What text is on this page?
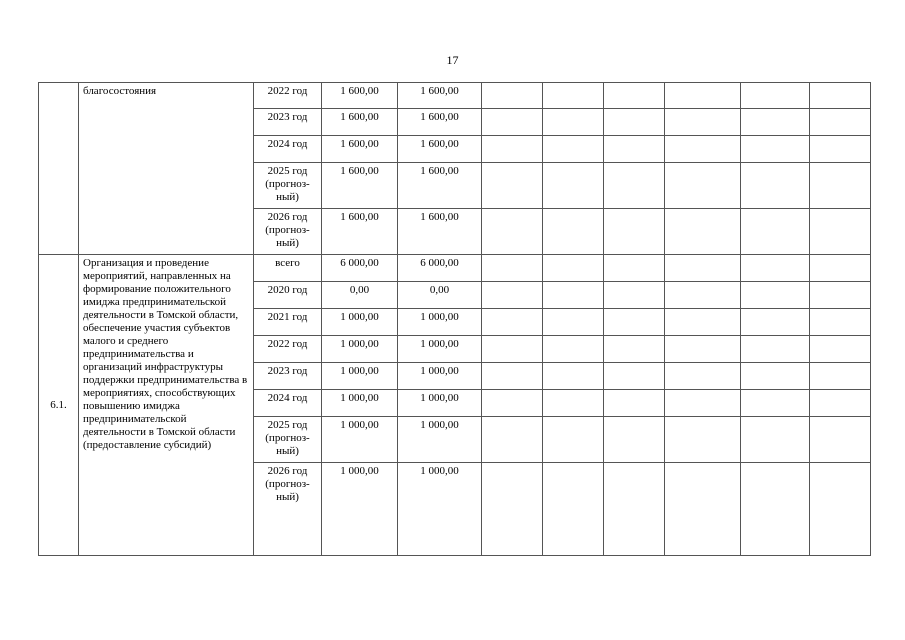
17
	благосостояния	2022 год	1 600,00	1 600,00						
		2023 год	1 600,00	1 600,00						
		2024 год	1 600,00	1 600,00						
		2025 год (прогноз-ный)	1 600,00	1 600,00						
		2026 год (прогноз-ный)	1 600,00	1 600,00						
6.1.	Организация и проведение мероприятий, направленных на формирование положительного имиджа предпринимательской деятельности в Томской области, обеспечение участия субъектов малого и среднего предпринимательства и организаций инфраструктуры поддержки предпринимательства в мероприятиях, способствующих повышению имиджа предпринимательской деятельности в Томской области (предоставление субсидий)	всего	6 000,00	6 000,00						
		2020 год	0,00	0,00						
		2021 год	1 000,00	1 000,00						
		2022 год	1 000,00	1 000,00						
		2023 год	1 000,00	1 000,00						
		2024 год	1 000,00	1 000,00						
		2025 год (прогноз-ный)	1 000,00	1 000,00						
		2026 год (прогноз-ный)	1 000,00	1 000,00						
